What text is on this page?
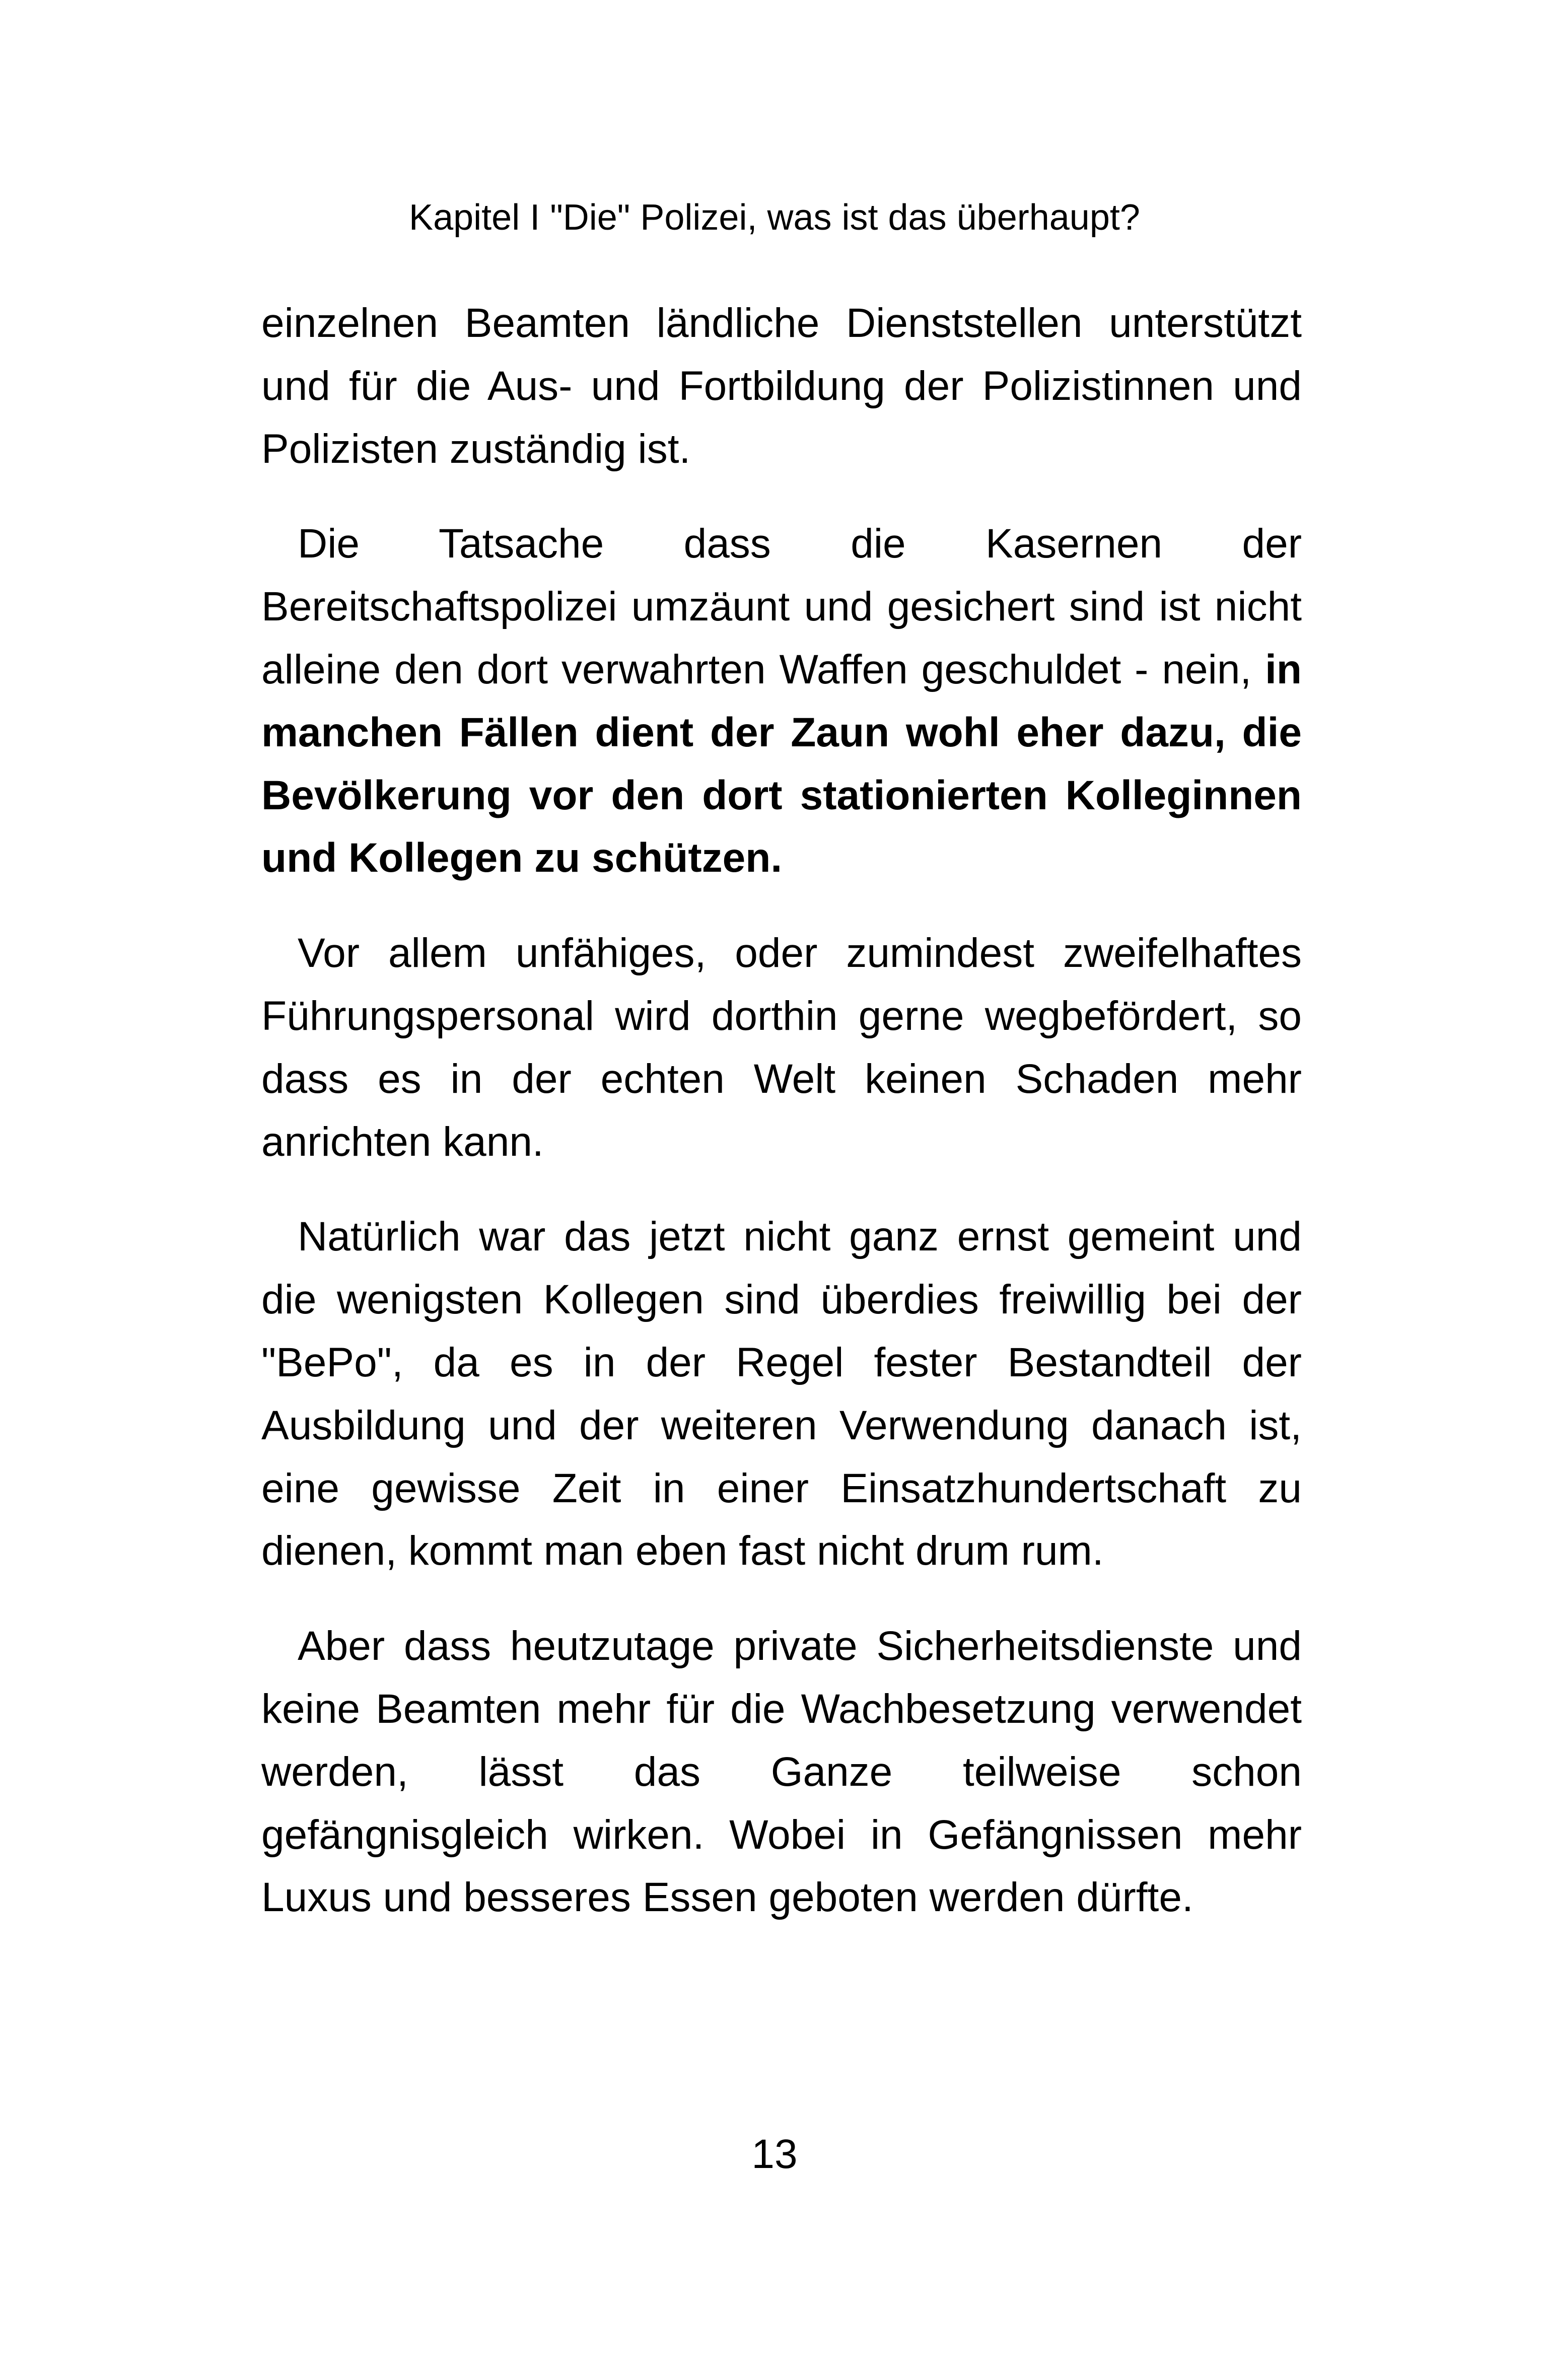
Kapitel I "Die" Polizei, was ist das überhaupt?

einzelnen Beamten ländliche Dienststellen unterstützt und für die Aus- und Fortbildung der Polizistinnen und Polizisten zuständig ist.

Die Tatsache dass die Kasernen der Bereitschaftspolizei umzäunt und gesichert sind ist nicht alleine den dort verwahrten Waffen geschuldet - nein, in manchen Fällen dient der Zaun wohl eher dazu, die Bevölkerung vor den dort stationierten Kolleginnen und Kollegen zu schützen.

Vor allem unfähiges, oder zumindest zweifelhaftes Führungspersonal wird dorthin gerne wegbefördert, so dass es in der echten Welt keinen Schaden mehr anrichten kann.

Natürlich war das jetzt nicht ganz ernst gemeint und die wenigsten Kollegen sind überdies freiwillig bei der "BePo", da es in der Regel fester Bestandteil der Ausbildung und der weiteren Verwendung danach ist, eine gewisse Zeit in einer Einsatzhundertschaft zu dienen, kommt man eben fast nicht drum rum.

Aber dass heutzutage private Sicherheitsdienste und keine Beamten mehr für die Wachbesetzung verwendet werden, lässt das Ganze teilweise schon gefängnisgleich wirken. Wobei in Gefängnissen mehr Luxus und besseres Essen geboten werden dürfte.

13
